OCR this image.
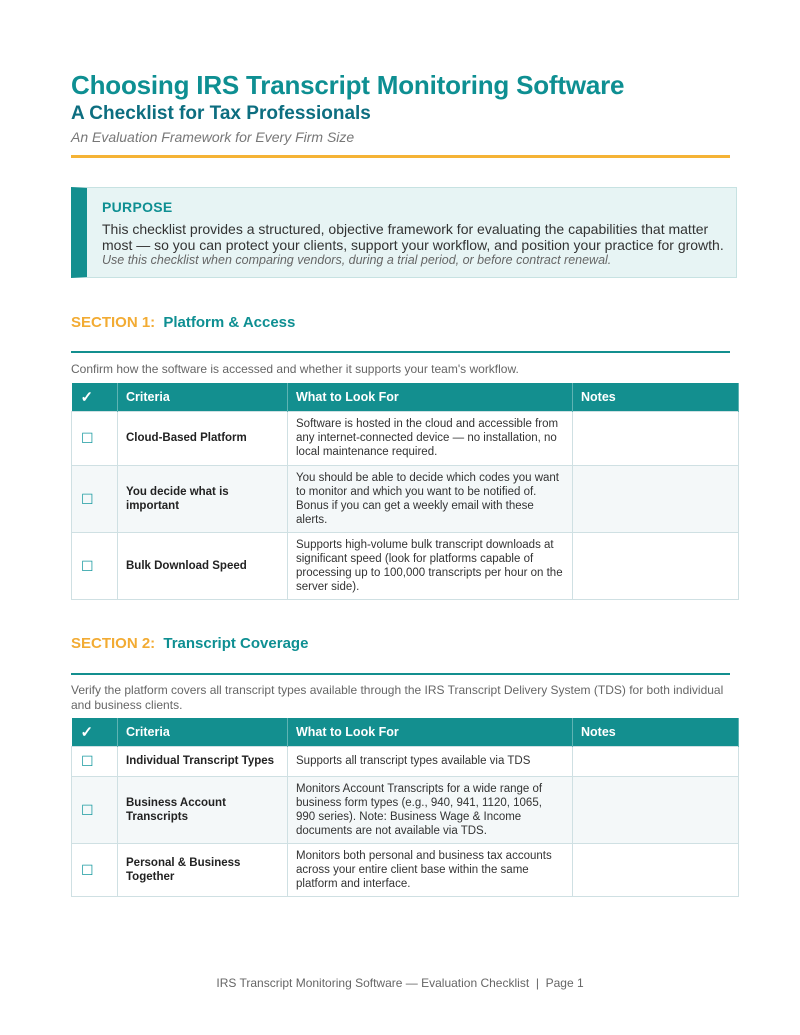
Choosing IRS Transcript Monitoring Software
A Checklist for Tax Professionals
An Evaluation Framework for Every Firm Size
PURPOSE
This checklist provides a structured, objective framework for evaluating the capabilities that matter most — so you can protect your clients, support your workflow, and position your practice for growth.
Use this checklist when comparing vendors, during a trial period, or before contract renewal.
SECTION 1: Platform & Access
Confirm how the software is accessed and whether it supports your team's workflow.
✓	Criteria	What to Look For	Notes
☐	Cloud-Based Platform	Software is hosted in the cloud and accessible from any internet-connected device — no installation, no local maintenance required.	
☐	You decide what is important	You should be able to decide which codes you want to monitor and which you want to be notified of. Bonus if you can get a weekly email with these alerts.	
☐	Bulk Download Speed	Supports high-volume bulk transcript downloads at significant speed (look for platforms capable of processing up to 100,000 transcripts per hour on the server side).	
SECTION 2: Transcript Coverage
Verify the platform covers all transcript types available through the IRS Transcript Delivery System (TDS) for both individual and business clients.
✓	Criteria	What to Look For	Notes
☐	Individual Transcript Types	Supports all transcript types available via TDS	
☐	Business Account Transcripts	Monitors Account Transcripts for a wide range of business form types (e.g., 940, 941, 1120, 1065, 990 series). Note: Business Wage & Income documents are not available via TDS.	
☐	Personal & Business Together	Monitors both personal and business tax accounts across your entire client base within the same platform and interface.	
IRS Transcript Monitoring Software — Evaluation Checklist  |  Page 1
